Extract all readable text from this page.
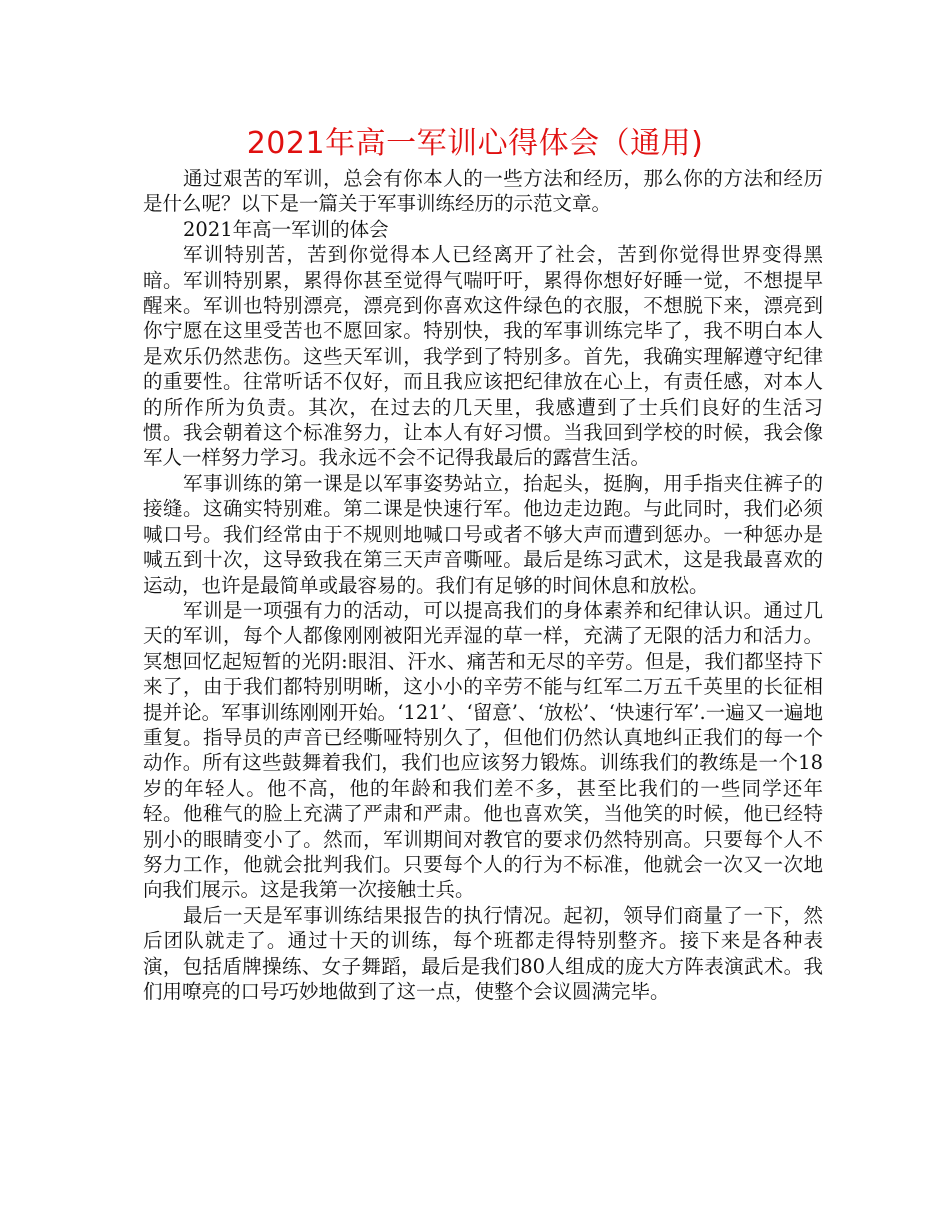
2021年高一军训心得体会（通用)

通过艰苦的军训，总会有你本人的一些方法和经历，那么你的方法和经历是什么呢？以下是一篇关于军事训练经历的示范文章。

2021年高一军训的体会

军训特别苦，苦到你觉得本人已经离开了社会，苦到你觉得世界变得黑暗。军训特别累，累得你甚至觉得气喘吁吁，累得你想好好睡一觉，不想提早醒来。军训也特别漂亮，漂亮到你喜欢这件绿色的衣服，不想脱下来，漂亮到你宁愿在这里受苦也不愿回家。特别快，我的军事训练完毕了，我不明白本人是欢乐仍然悲伤。这些天军训，我学到了特别多。首先，我确实理解遵守纪律的重要性。往常听话不仅好，而且我应该把纪律放在心上，有责任感，对本人的所作所为负责。其次，在过去的几天里，我感遭到了士兵们良好的生活习惯。我会朝着这个标准努力，让本人有好习惯。当我回到学校的时候，我会像军人一样努力学习。我永远不会不记得我最后的露营生活。

军事训练的第一课是以军事姿势站立，抬起头，挺胸，用手指夹住裤子的接缝。这确实特别难。第二课是快速行军。他边走边跑。与此同时，我们必须喊口号。我们经常由于不规则地喊口号或者不够大声而遭到惩办。一种惩办是喊五到十次，这导致我在第三天声音嘶哑。最后是练习武术，这是我最喜欢的运动，也许是最简单或最容易的。我们有足够的时间休息和放松。

军训是一项强有力的活动，可以提高我们的身体素养和纪律认识。通过几天的军训，每个人都像刚刚被阳光弄湿的草一样，充满了无限的活力和活力。冥想回忆起短暂的光阴:眼泪、汗水、痛苦和无尽的辛劳。但是，我们都坚持下来了，由于我们都特别明晰，这小小的辛劳不能与红军二万五千英里的长征相提并论。军事训练刚刚开始。‘121’、‘留意’、‘放松’、‘快速行军’.一遍又一遍地重复。指导员的声音已经嘶哑特别久了，但他们仍然认真地纠正我们的每一个动作。所有这些鼓舞着我们，我们也应该努力锻炼。训练我们的教练是一个18岁的年轻人。他不高，他的年龄和我们差不多，甚至比我们的一些同学还年轻。他稚气的脸上充满了严肃和严肃。他也喜欢笑，当他笑的时候，他已经特别小的眼睛变小了。然而，军训期间对教官的要求仍然特别高。只要每个人不努力工作，他就会批判我们。只要每个人的行为不标准，他就会一次又一次地向我们展示。这是我第一次接触士兵。

最后一天是军事训练结果报告的执行情况。起初，领导们商量了一下，然后团队就走了。通过十天的训练，每个班都走得特别整齐。接下来是各种表演，包括盾牌操练、女子舞蹈，最后是我们80人组成的庞大方阵表演武术。我们用嘹亮的口号巧妙地做到了这一点，使整个会议圆满完毕。
